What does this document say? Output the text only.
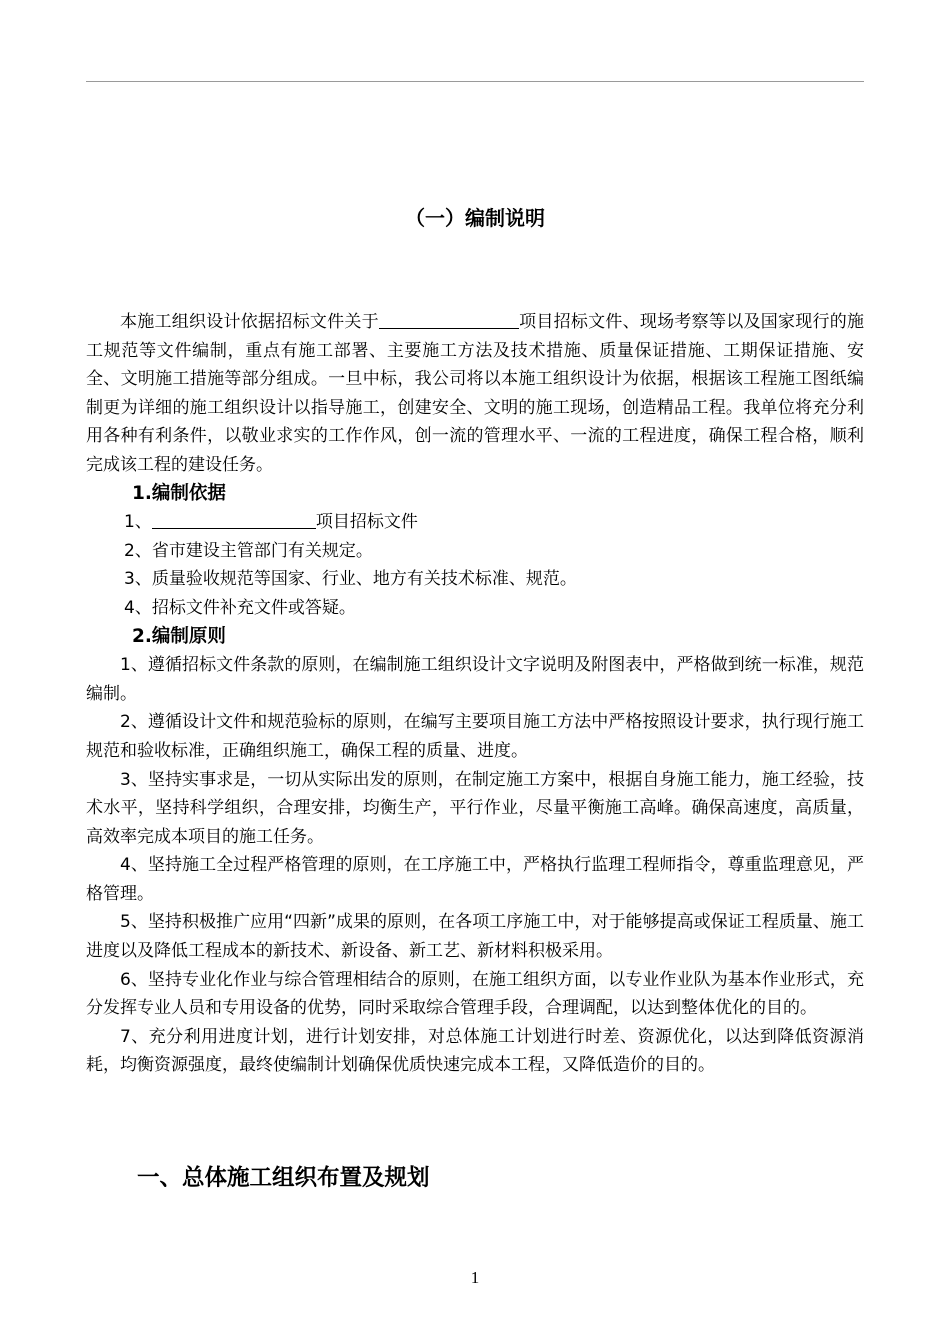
（一）编制说明

本施工组织设计依据招标文件关于	项目招标文件、现场考察等以及国家现行的施工规范等文件编制，重点有施工部署、主要施工方法及技术措施、质量保证措施、工期保证措施、安全、文明施工措施等部分组成。一旦中标，我公司将以本施工组织设计为依据，根据该工程施工图纸编制更为详细的施工组织设计以指导施工，创建安全、文明的施工现场，创造精品工程。我单位将充分利用各种有利条件，以敬业求实的工作作风，创一流的管理水平、一流的工程进度，确保工程合格，顺利完成该工程的建设任务。

1.编制依据

1、	项目招标文件

2、省市建设主管部门有关规定。

3、质量验收规范等国家、行业、地方有关技术标准、规范。

4、招标文件补充文件或答疑。

2.编制原则

1、遵循招标文件条款的原则，在编制施工组织设计文字说明及附图表中，严格做到统一标准，规范编制。

2、遵循设计文件和规范验标的原则，在编写主要项目施工方法中严格按照设计要求，执行现行施工规范和验收标准，正确组织施工，确保工程的质量、进度。

3、坚持实事求是，一切从实际出发的原则，在制定施工方案中，根据自身施工能力，施工经验，技术水平，坚持科学组织，合理安排，均衡生产，平行作业，尽量平衡施工高峰。确保高速度，高质量，高效率完成本项目的施工任务。

4、坚持施工全过程严格管理的原则，在工序施工中，严格执行监理工程师指令，尊重监理意见，严格管理。

5、坚持积极推广应用“四新”成果的原则，在各项工序施工中，对于能够提高或保证工程质量、施工进度以及降低工程成本的新技术、新设备、新工艺、新材料积极采用。

6、坚持专业化作业与综合管理相结合的原则，在施工组织方面，以专业作业队为基本作业形式，充分发挥专业人员和专用设备的优势，同时采取综合管理手段，合理调配，以达到整体优化的目的。

7、充分利用进度计划，进行计划安排，对总体施工计划进行时差、资源优化，以达到降低资源消耗，均衡资源强度，最终使编制计划确保优质快速完成本工程，又降低造价的目的。

一、总体施工组织布置及规划
1
